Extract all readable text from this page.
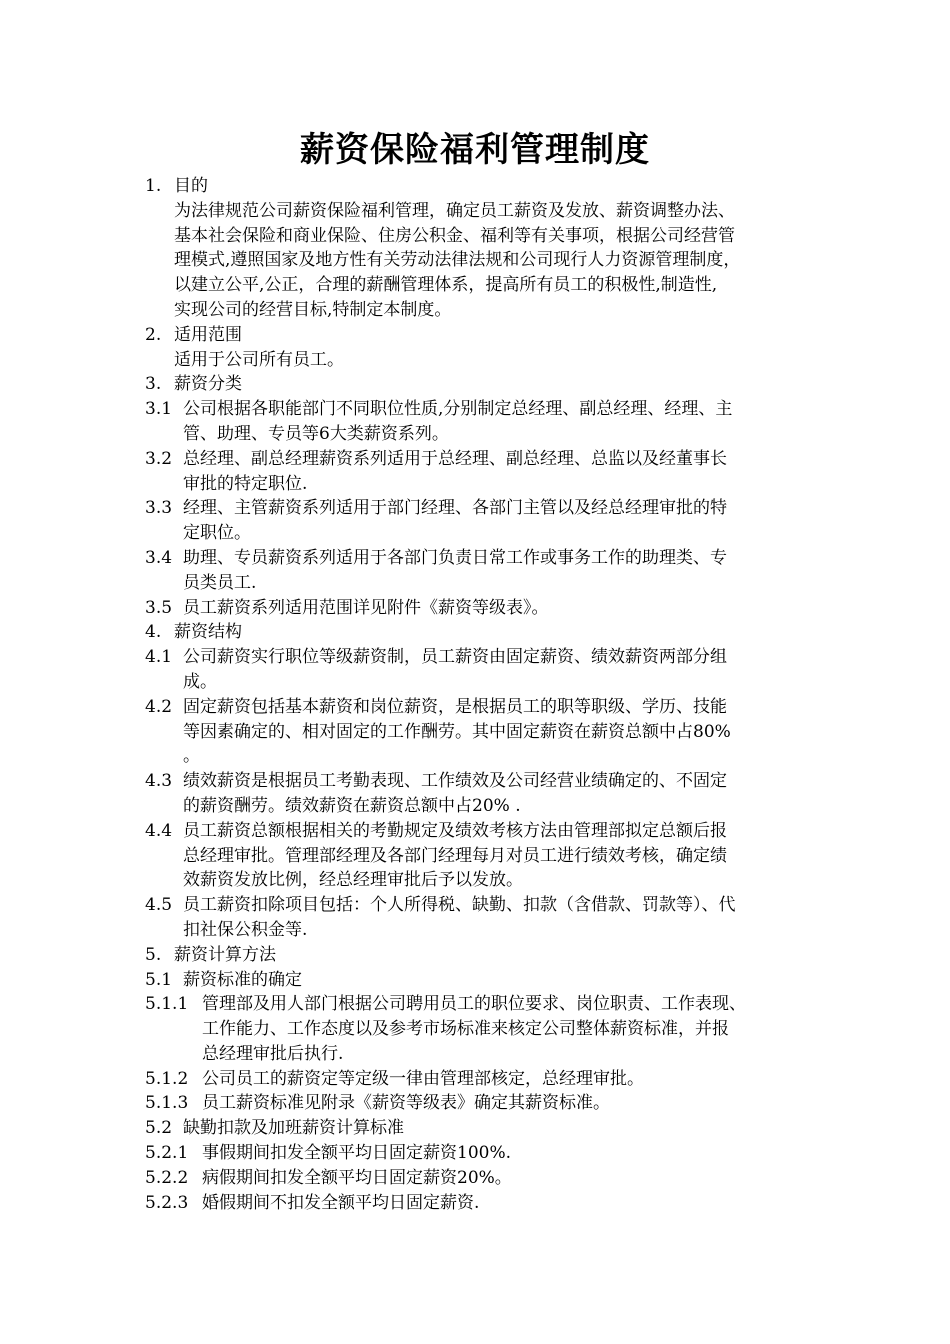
薪资保险福利管理制度
1. 目的
为法律规范公司薪资保险福利管理，确定员工薪资及发放、薪资调整办法、
基本社会保险和商业保险、住房公积金、福利等有关事项，根据公司经营管
理模式,遵照国家及地方性有关劳动法律法规和公司现行人力资源管理制度，
以建立公平,公正，合理的薪酬管理体系，提高所有员工的积极性,制造性,
实现公司的经营目标,特制定本制度。
2. 适用范围
适用于公司所有员工。
3. 薪资分类
3.1 公司根据各职能部门不同职位性质,分别制定总经理、副总经理、经理、主
管、助理、专员等6大类薪资系列。
3.2 总经理、副总经理薪资系列适用于总经理、副总经理、总监以及经董事长
审批的特定职位.
3.3 经理、主管薪资系列适用于部门经理、各部门主管以及经总经理审批的特
定职位。
3.4 助理、专员薪资系列适用于各部门负责日常工作或事务工作的助理类、专
员类员工.
3.5 员工薪资系列适用范围详见附件《薪资等级表》。
4. 薪资结构
4.1 公司薪资实行职位等级薪资制，员工薪资由固定薪资、绩效薪资两部分组
成。
4.2 固定薪资包括基本薪资和岗位薪资，是根据员工的职等职级、学历、技能
等因素确定的、相对固定的工作酬劳。其中固定薪资在薪资总额中占80%
。
4.3 绩效薪资是根据员工考勤表现、工作绩效及公司经营业绩确定的、不固定
的薪资酬劳。绩效薪资在薪资总额中占20% .
4.4 员工薪资总额根据相关的考勤规定及绩效考核方法由管理部拟定总额后报
总经理审批。管理部经理及各部门经理每月对员工进行绩效考核，确定绩
效薪资发放比例，经总经理审批后予以发放。
4.5 员工薪资扣除项目包括：个人所得税、缺勤、扣款（含借款、罚款等）、代
扣社保公积金等.
5. 薪资计算方法
5.1 薪资标准的确定
5.1.1 管理部及用人部门根据公司聘用员工的职位要求、岗位职责、工作表现、
工作能力、工作态度以及参考市场标准来核定公司整体薪资标准，并报
总经理审批后执行.
5.1.2 公司员工的薪资定等定级一律由管理部核定，总经理审批。
5.1.3 员工薪资标准见附录《薪资等级表》确定其薪资标准。
5.2 缺勤扣款及加班薪资计算标准
5.2.1 事假期间扣发全额平均日固定薪资100%.
5.2.2 病假期间扣发全额平均日固定薪资20%。
5.2.3 婚假期间不扣发全额平均日固定薪资.
